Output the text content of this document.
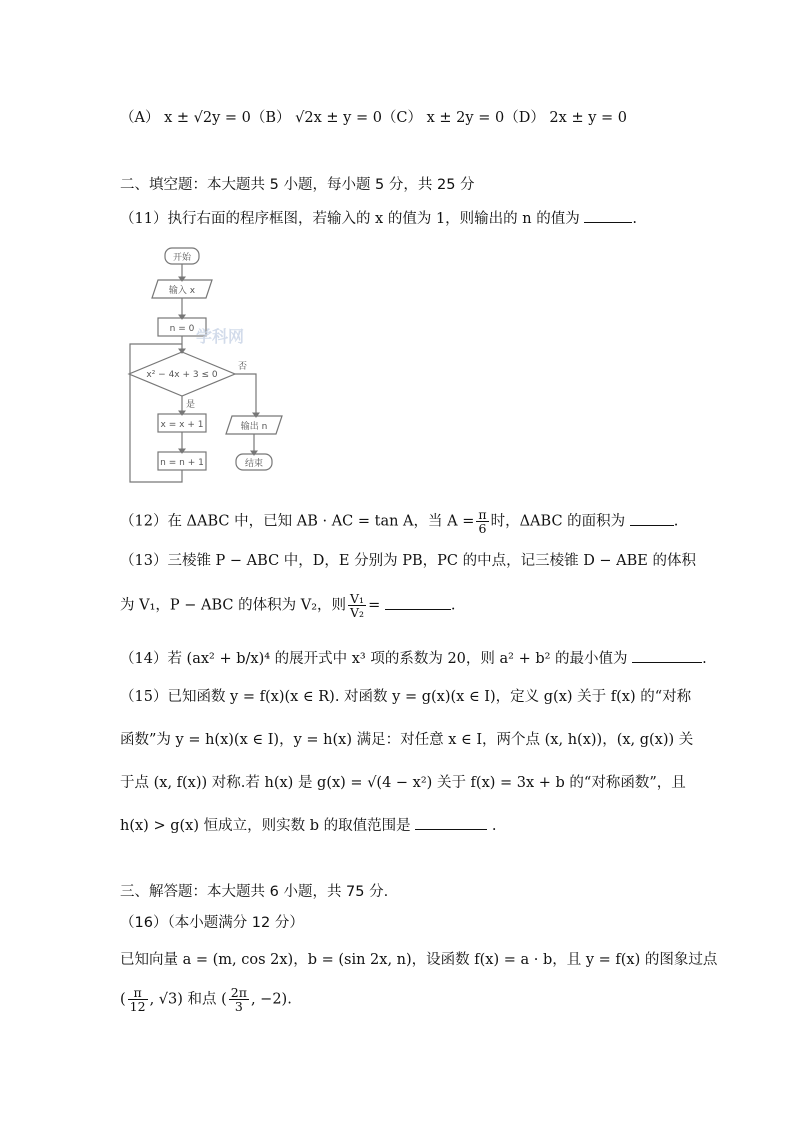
（A） x ± √2y = 0（B） √2x ± y = 0（C） x ± 2y = 0（D） 2x ± y = 0
二、填空题：本大题共 5 小题，每小题 5 分，共 25 分
（11）执行右面的程序框图，若输入的 x 的值为 1，则输出的 n 的值为	.
开始
输入 x
n = 0
x² − 4x + 3 ≤ 0
是
否
x = x + 1
n = n + 1
输出 n
结束
学科网
（12）在 ΔABC 中，已知 AB · AC = tan A，当 $A = \frac{\pi}{6}$ 时，ΔABC 的面积为	.
（13）三棱锥 P − ABC 中，D，E 分别为 PB，PC 的中点，记三棱锥 D − ABE 的体积
为 V₁，P − ABC 的体积为 V₂，则 $\frac{\text{V₁}}{\text{V₂}}$ =	.
（14）若 (ax² + b/x)⁴ 的展开式中 x³ 项的系数为 20，则 a² + b² 的最小值为	.
（15）已知函数 y = f(x)(x ∈ R). 对函数 y = g(x)(x ∈ I)，定义 g(x) 关于 f(x) 的“对称
函数”为 y = h(x)(x ∈ I)，y = h(x) 满足：对任意 x ∈ I，两个点 (x, h(x))，(x, g(x)) 关
于点 (x, f(x)) 对称.若 h(x) 是 g(x) = √(4 − x²) 关于 f(x) = 3x + b 的“对称函数”，且
h(x) > g(x) 恒成立，则实数 b 的取值范围是	.
三、解答题：本大题共 6 小题，共 75 分.
（16）（本小题满分 12 分）
已知向量 a = (m, cos 2x)，b = (sin 2x, n)，设函数 f(x) = a · b，且 y = f(x) 的图象过点
( $\frac{\pi}{12}$ , √3) 和点 ( $\frac{2\pi}{3}$ , −2).
